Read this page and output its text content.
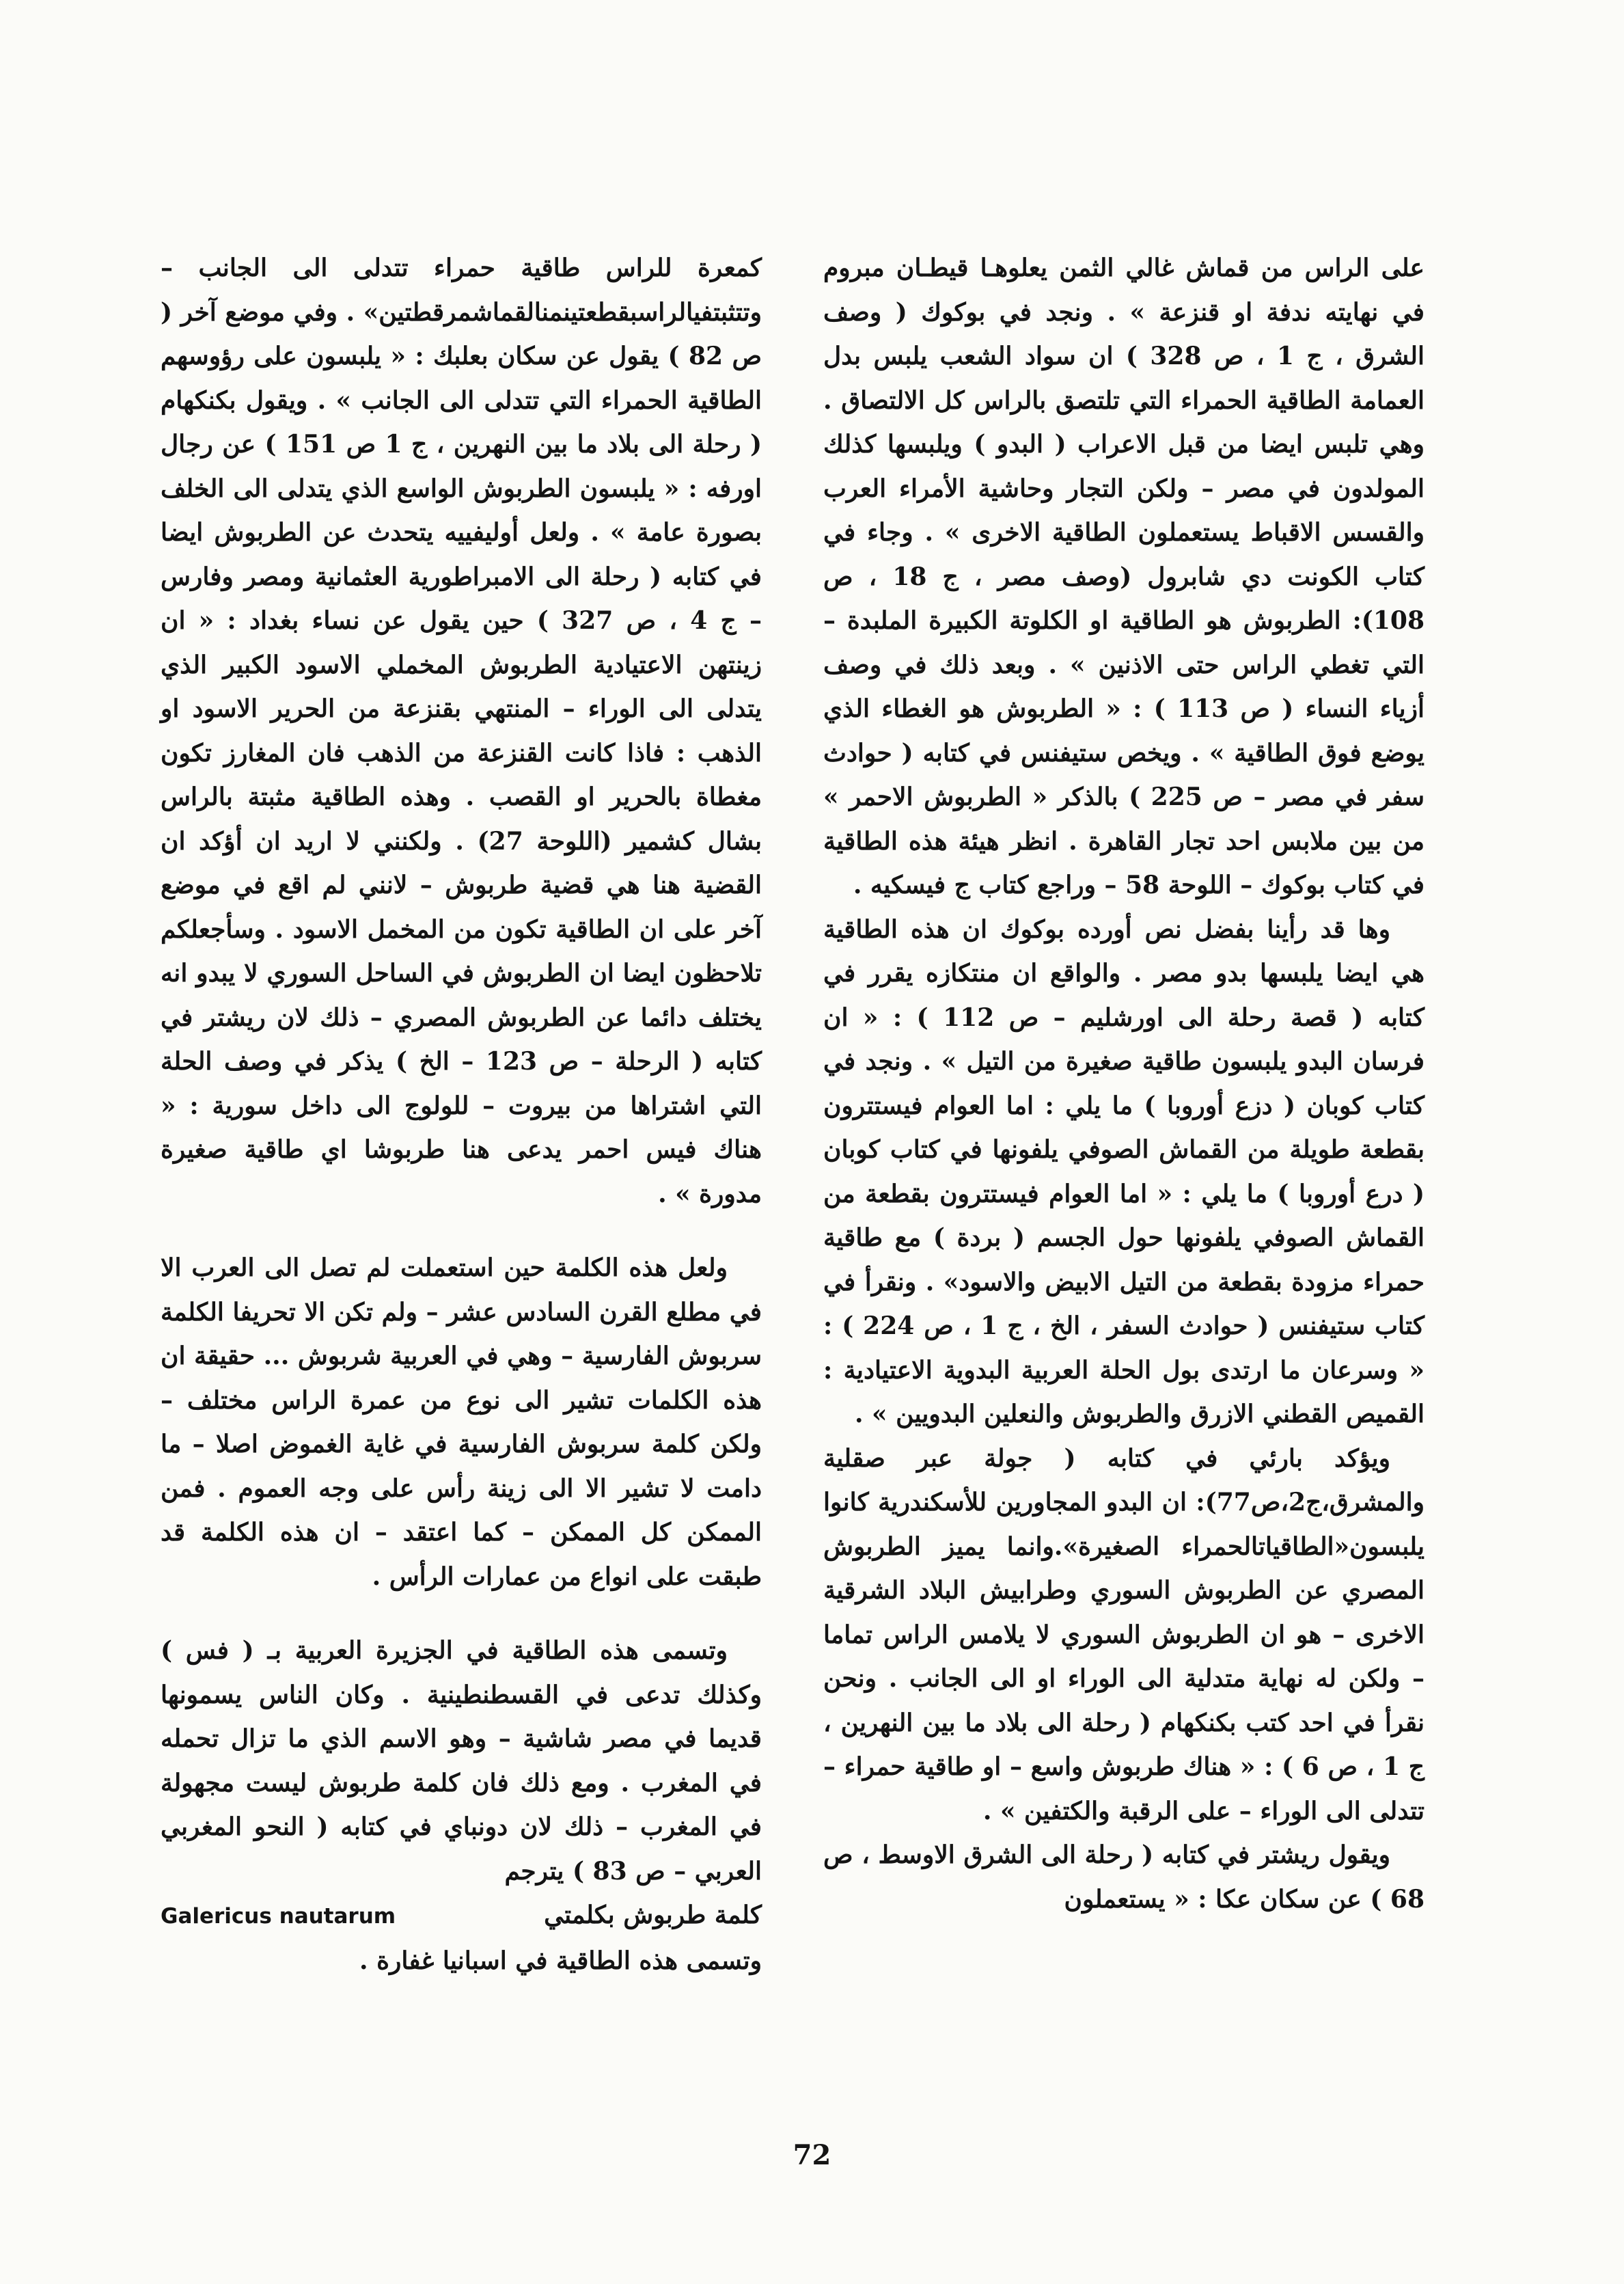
على الراس من قماش غالي الثمن يعلوهـا قيطـان مبروم في نهايته ندفة او قنزعة » . ونجد في بوكوك ( وصف الشرق ، ج 1 ، ص 328 ) ان سواد الشعب يلبس بدل العمامة الطاقية الحمراء التي تلتصق بالراس كل الالتصاق . وهي تلبس ايضا من قبل الاعراب ( البدو ) ويلبسها كذلك المولدون في مصر – ولكن التجار وحاشية الأمراء العرب والقسس الاقباط يستعملون الطاقية الاخرى » . وجاء في كتاب الكونت دي شابرول (وصف مصر ، ج 18 ، ص 108): الطربوش هو الطاقية او الكلوتة الكبيرة الملبدة – التي تغطي الراس حتى الاذنين » . وبعد ذلك في وصف أزياء النساء ( ص 113 ) : « الطربوش هو الغطاء الذي يوضع فوق الطاقية » . ويخص ستيفنس في كتابه ( حوادث سفر في مصر – ص 225 ) بالذكر « الطربوش الاحمر » من بين ملابس احد تجار القاهرة . انظر هيئة هذه الطاقية في كتاب بوكوك – اللوحة 58 – وراجع كتاب ج فيسكيه .

وها قد رأينا بفضل نص أورده بوكوك ان هذه الطاقية هي ايضا يلبسها بدو مصر . والواقع ان منتكازه يقرر في كتابه ( قصة رحلة الى اورشليم – ص 112 ) : « ان فرسان البدو يلبسون طاقية صغيرة من التيل » . ونجد في كتاب كوبان ( دزع أوروبا ) ما يلي : اما العوام فيستترون بقطعة طويلة من القماش الصوفي يلفونها في كتاب كوبان ( درع أوروبا ) ما يلي : « اما العوام فيستترون بقطعة من القماش الصوفي يلفونها حول الجسم ( بردة ) مع طاقية حمراء مزودة بقطعة من التيل الابيض والاسود» . ونقرأ في كتاب ستيفنس ( حوادث السفر ، الخ ، ج 1 ، ص 224 ) : « وسرعان ما ارتدى بول الحلة العربية البدوية الاعتيادية : القميص القطني الازرق والطربوش والنعلين البدويين » .

ويؤكد بارئي في كتابه ( جولة عبر صقلية والمشرق،ج2،ص77): ان البدو المجاورين للأسكندرية كانوا يلبسون«الطاقياتالحمراء الصغيرة».وانما يميز الطربوش المصري عن الطربوش السوري وطرابيش البلاد الشرقية الاخرى – هو ان الطربوش السوري لا يلامس الراس تماما – ولكن له نهاية متدلية الى الوراء او الى الجانب . ونحن نقرأ في احد كتب بكنكهام ( رحلة الى بلاد ما بين النهرين ، ج 1 ، ص 6 ) : « هناك طربوش واسع – او طاقية حمراء – تتدلى الى الوراء – على الرقبة والكتفين » .

ويقول ريشتر في كتابه ( رحلة الى الشرق الاوسط ، ص 68 ) عن سكان عكا : « يستعملون

كمعرة للراس طاقية حمراء تتدلى الى الجانب – وتتثبتفيالراسبقطعتينمنالقماشمرقطتين» . وفي موضع آخر ( ص 82 ) يقول عن سكان بعلبك : « يلبسون على رؤوسهم الطاقية الحمراء التي تتدلى الى الجانب » . ويقول بكنكهام ( رحلة الى بلاد ما بين النهرين ، ج 1 ص 151 ) عن رجال اورفه : « يلبسون الطربوش الواسع الذي يتدلى الى الخلف بصورة عامة » . ولعل أوليفييه يتحدث عن الطربوش ايضا في كتابه ( رحلة الى الامبراطورية العثمانية ومصر وفارس – ج 4 ، ص 327 ) حين يقول عن نساء بغداد : « ان زينتهن الاعتيادية الطربوش المخملي الاسود الكبير الذي يتدلى الى الوراء – المنتهي بقنزعة من الحرير الاسود او الذهب : فاذا كانت القنزعة من الذهب فان المغارز تكون مغطاة بالحرير او القصب . وهذه الطاقية مثبتة بالراس بشال كشمير (اللوحة 27) . ولكنني لا اريد ان أؤكد ان القضية هنا هي قضية طربوش – لانني لم اقع في موضع آخر على ان الطاقية تكون من المخمل الاسود . وسأجعلكم تلاحظون ايضا ان الطربوش في الساحل السوري لا يبدو انه يختلف دائما عن الطربوش المصري – ذلك لان ريشتر في كتابه ( الرحلة – ص 123 – الخ ) يذكر في وصف الحلة التي اشتراها من بيروت – للولوج الى داخل سورية : « هناك فيس احمر يدعى هنا طربوشا اي طاقية صغيرة مدورة » .

ولعل هذه الكلمة حين استعملت لم تصل الى العرب الا في مطلع القرن السادس عشر – ولم تكن الا تحريفا الكلمة سربوش الفارسية – وهي في العربية شربوش ... حقيقة ان هذه الكلمات تشير الى نوع من عمرة الراس مختلف – ولكن كلمة سربوش الفارسية في غاية الغموض اصلا – ما دامت لا تشير الا الى زينة رأس على وجه العموم . فمن الممكن كل الممكن – كما اعتقد – ان هذه الكلمة قد طبقت على انواع من عمارات الرأس .

وتسمى هذه الطاقية في الجزيرة العربية بـ ( فس ) وكذلك تدعى في القسطنطينية . وكان الناس يسمونها قديما في مصر شاشية – وهو الاسم الذي ما تزال تحمله في المغرب . ومع ذلك فان كلمة طربوش ليست مجهولة في المغرب – ذلك لان دونباي في كتابه ( النحو المغربي العربي – ص 83 ) يترجم

كلمة طربوش بكلمتي
Galericus nautarum

وتسمى هذه الطاقية في اسبانيا غفارة .

72
